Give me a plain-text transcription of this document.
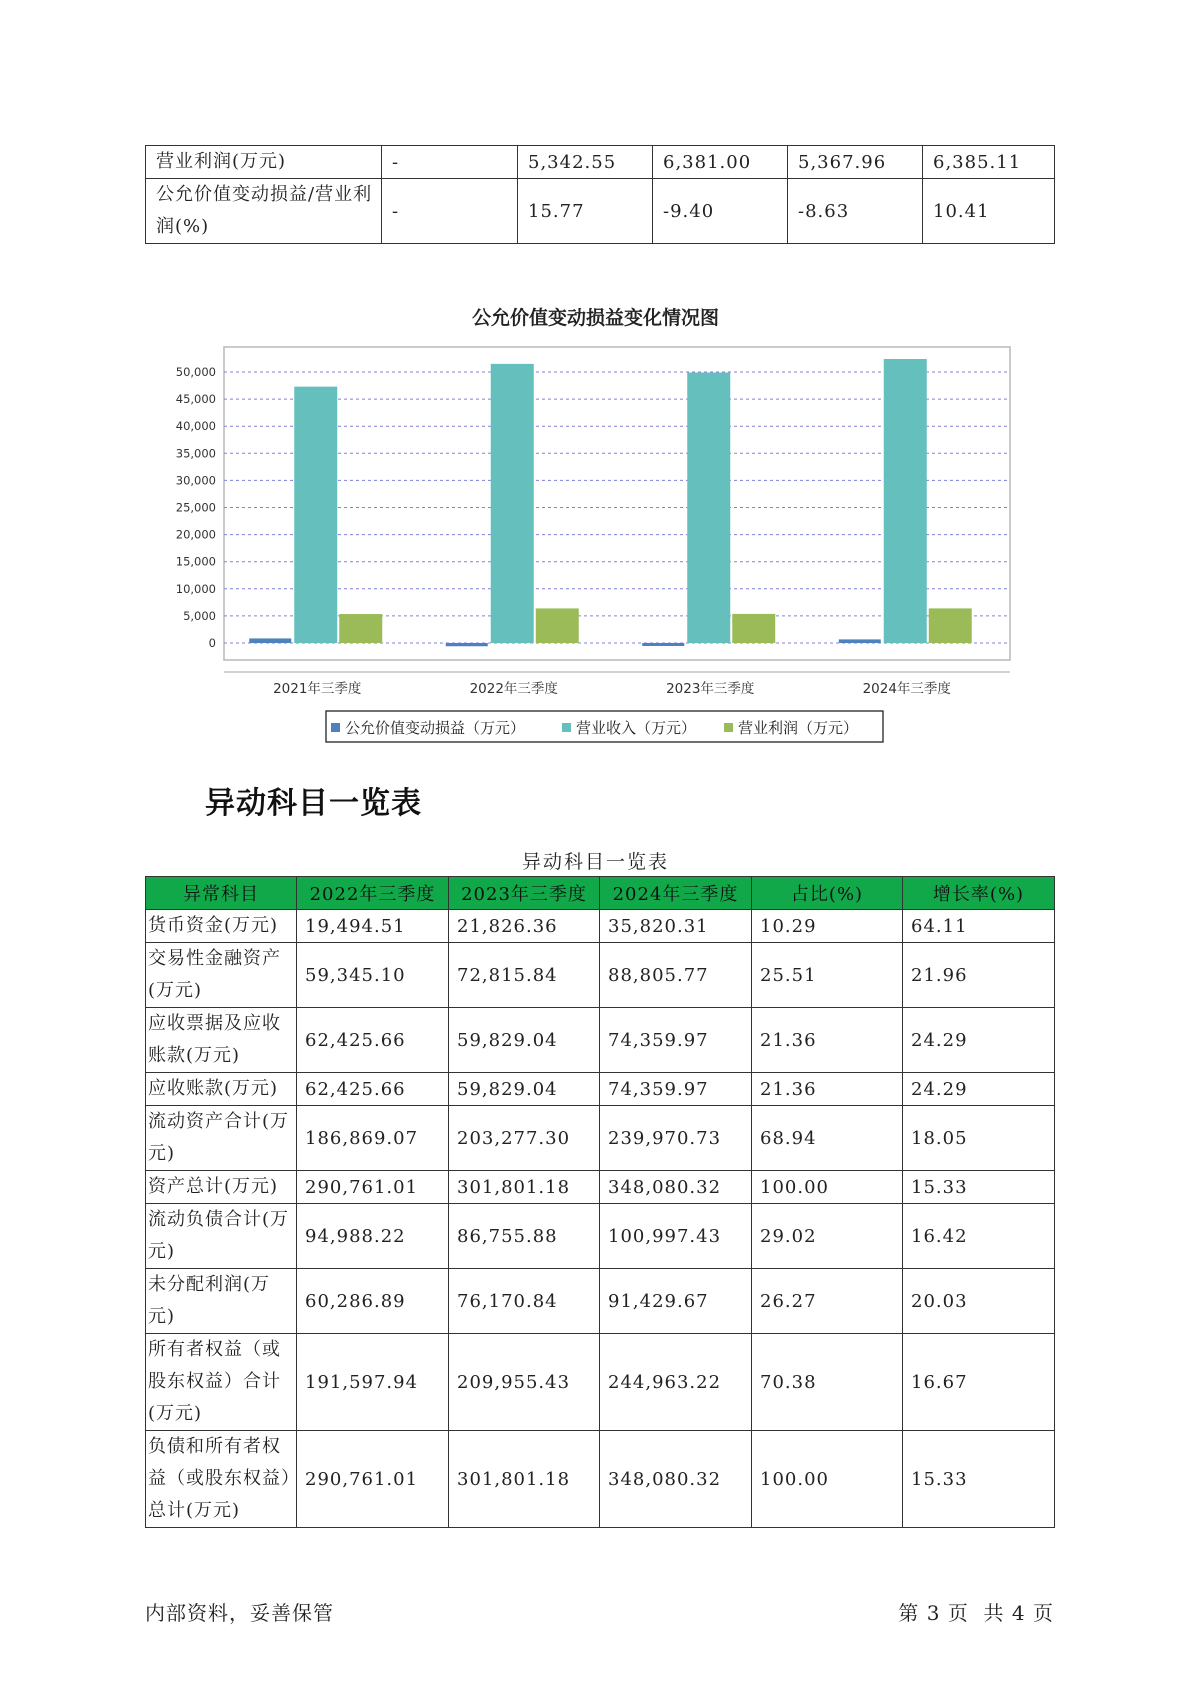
营业利润(万元)	-	5,342.55	6,381.00	5,367.96	6,385.11
公允价值变动损益/营业利润(%)	-	15.77	-9.40	-8.63	10.41
公允价值变动损益变化情况图
50,000
45,000
40,000
35,000
30,000
25,000
20,000
15,000
10,000
5,000
0
2021年三季度	2022年三季度	2023年三季度	2024年三季度
公允价值变动损益（万元）	营业收入（万元）	营业利润（万元）
异动科目一览表
异动科目一览表
异常科目	2022年三季度	2023年三季度	2024年三季度	占比(%)	增长率(%)
货币资金(万元)	19,494.51	21,826.36	35,820.31	10.29	64.11
交易性金融资产(万元)	59,345.10	72,815.84	88,805.77	25.51	21.96
应收票据及应收账款(万元)	62,425.66	59,829.04	74,359.97	21.36	24.29
应收账款(万元)	62,425.66	59,829.04	74,359.97	21.36	24.29
流动资产合计(万元)	186,869.07	203,277.30	239,970.73	68.94	18.05
资产总计(万元)	290,761.01	301,801.18	348,080.32	100.00	15.33
流动负债合计(万元)	94,988.22	86,755.88	100,997.43	29.02	16.42
未分配利润(万元)	60,286.89	76,170.84	91,429.67	26.27	20.03
所有者权益（或股东权益）合计(万元)	191,597.94	209,955.43	244,963.22	70.38	16.67
负债和所有者权益（或股东权益）总计(万元)	290,761.01	301,801.18	348,080.32	100.00	15.33
内部资料，妥善保管	第 3 页  共 4 页
